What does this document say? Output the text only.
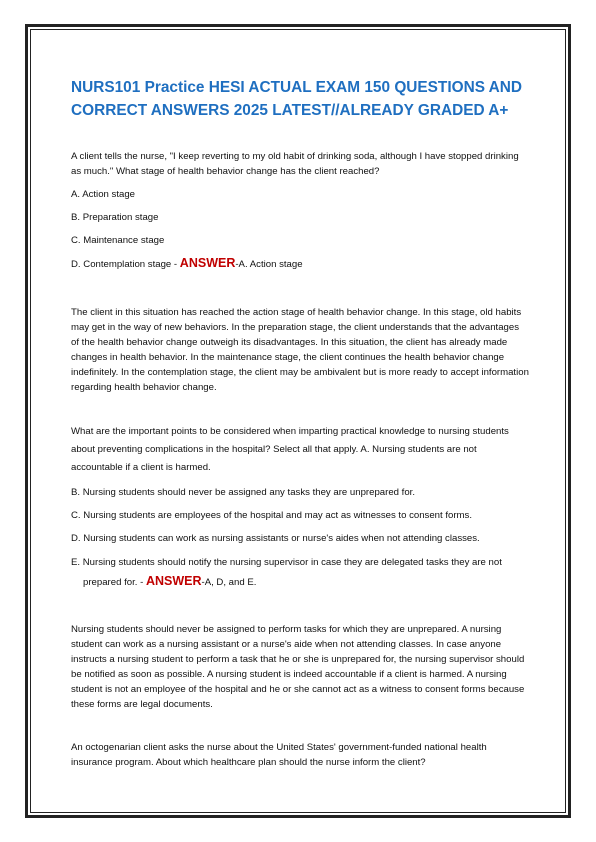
NURS101 Practice HESI ACTUAL EXAM 150 QUESTIONS AND CORRECT ANSWERS 2025 LATEST//ALREADY GRADED A+

A client tells the nurse, "I keep reverting to my old habit of drinking soda, although I have stopped drinking as much." What stage of health behavior change has the client reached?

A. Action stage

B. Preparation stage

C. Maintenance stage

D. Contemplation stage - ANSWER-A. Action stage

The client in this situation has reached the action stage of health behavior change. In this stage, old habits may get in the way of new behaviors. In the preparation stage, the client understands that the advantages of the health behavior change outweigh its disadvantages. In this situation, the client has already made changes in health behavior. In the maintenance stage, the client continues the health behavior change indefinitely. In the contemplation stage, the client may be ambivalent but is more ready to accept information regarding health behavior change.

What are the important points to be considered when imparting practical knowledge to nursing students about preventing complications in the hospital? Select all that apply. A. Nursing students are not accountable if a client is harmed.

B. Nursing students should never be assigned any tasks they are unprepared for.

C. Nursing students are employees of the hospital and may act as witnesses to consent forms.

D. Nursing students can work as nursing assistants or nurse's aides when not attending classes.

E. Nursing students should notify the nursing supervisor in case they are delegated tasks they are not prepared for. - ANSWER-A, D, and E.

Nursing students should never be assigned to perform tasks for which they are unprepared. A nursing student can work as a nursing assistant or a nurse's aide when not attending classes. In case anyone instructs a nursing student to perform a task that he or she is unprepared for, the nursing supervisor should be notified as soon as possible. A nursing student is indeed accountable if a client is harmed. A nursing student is not an employee of the hospital and he or she cannot act as a witness to consent forms because these forms are legal documents.

An octogenarian client asks the nurse about the United States' government-funded national health insurance program. About which healthcare plan should the nurse inform the client?
